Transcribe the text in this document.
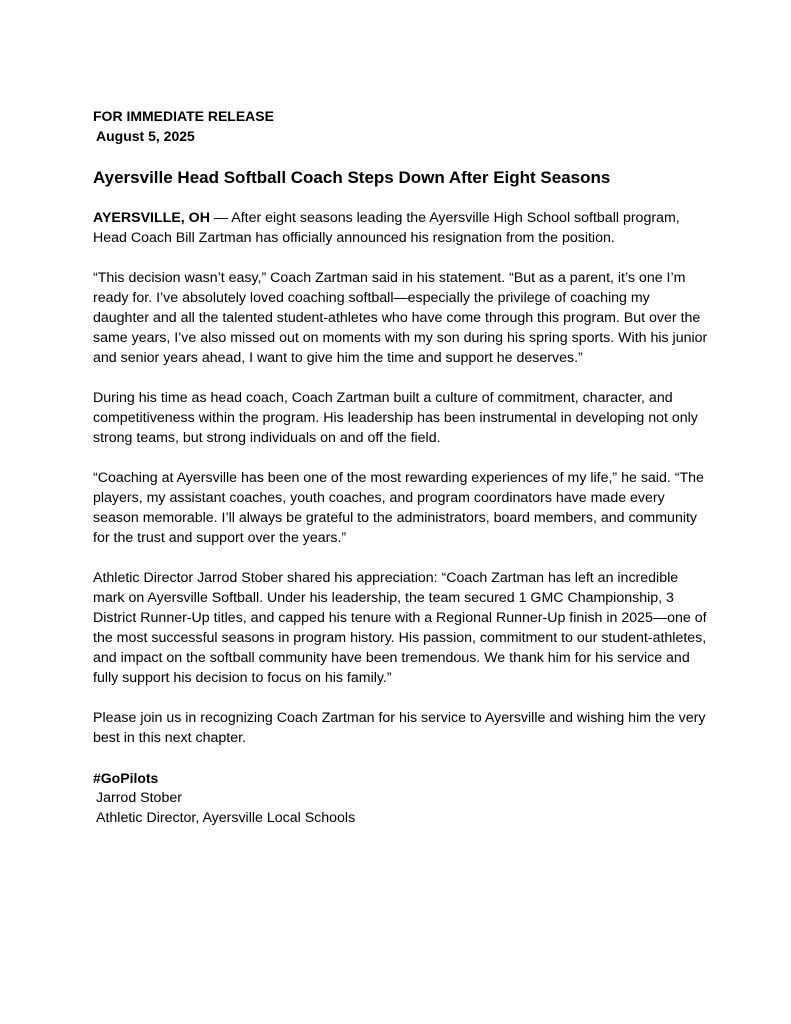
FOR IMMEDIATE RELEASE

August 5, 2025

Ayersville Head Softball Coach Steps Down After Eight Seasons

AYERSVILLE, OH — After eight seasons leading the Ayersville High School softball program, Head Coach Bill Zartman has officially announced his resignation from the position.

“This decision wasn’t easy,” Coach Zartman said in his statement. “But as a parent, it’s one I’m ready for. I’ve absolutely loved coaching softball—especially the privilege of coaching my daughter and all the talented student-athletes who have come through this program. But over the same years, I’ve also missed out on moments with my son during his spring sports. With his junior and senior years ahead, I want to give him the time and support he deserves.”

During his time as head coach, Coach Zartman built a culture of commitment, character, and competitiveness within the program. His leadership has been instrumental in developing not only strong teams, but strong individuals on and off the field.

“Coaching at Ayersville has been one of the most rewarding experiences of my life,” he said. “The players, my assistant coaches, youth coaches, and program coordinators have made every season memorable. I’ll always be grateful to the administrators, board members, and community for the trust and support over the years.”

Athletic Director Jarrod Stober shared his appreciation: “Coach Zartman has left an incredible mark on Ayersville Softball. Under his leadership, the team secured 1 GMC Championship, 3 District Runner-Up titles, and capped his tenure with a Regional Runner-Up finish in 2025—one of the most successful seasons in program history. His passion, commitment to our student-athletes, and impact on the softball community have been tremendous. We thank him for his service and fully support his decision to focus on his family.”

Please join us in recognizing Coach Zartman for his service to Ayersville and wishing him the very best in this next chapter.

#GoPilots

Jarrod Stober

Athletic Director, Ayersville Local Schools
